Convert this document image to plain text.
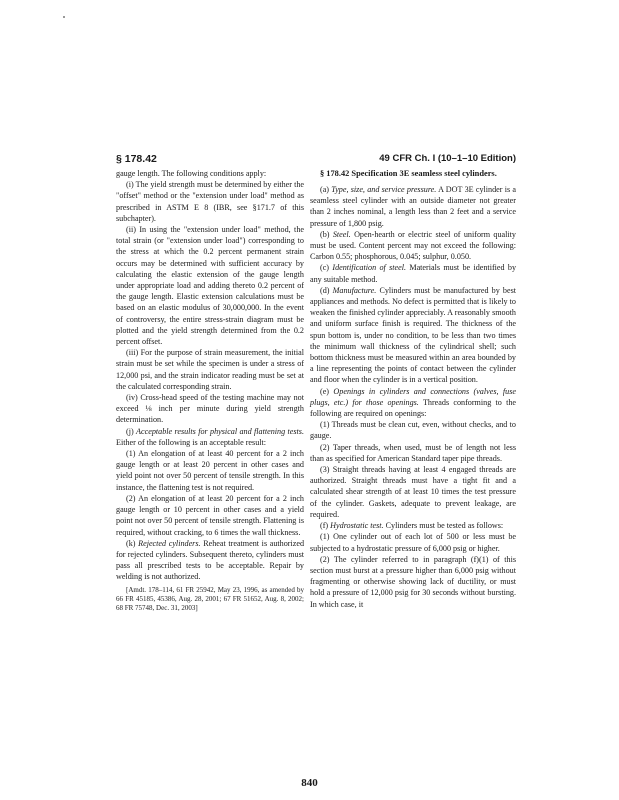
§ 178.42	49 CFR Ch. I (10–1–10 Edition)

gauge length. The following conditions apply:

(i) The yield strength must be determined by either the "offset" method or the "extension under load" method as prescribed in ASTM E 8 (IBR, see §171.7 of this subchapter).

(ii) In using the "extension under load" method, the total strain (or "extension under load") corresponding to the stress at which the 0.2 percent permanent strain occurs may be determined with sufficient accuracy by calculating the elastic extension of the gauge length under appropriate load and adding thereto 0.2 percent of the gauge length. Elastic extension calculations must be based on an elastic modulus of 30,000,000. In the event of controversy, the entire stress-strain diagram must be plotted and the yield strength determined from the 0.2 percent offset.

(iii) For the purpose of strain measurement, the initial strain must be set while the specimen is under a stress of 12,000 psi, and the strain indicator reading must be set at the calculated corresponding strain.

(iv) Cross-head speed of the testing machine may not exceed ⅛ inch per minute during yield strength determination.

(j) Acceptable results for physical and flattening tests. Either of the following is an acceptable result:

(1) An elongation of at least 40 percent for a 2 inch gauge length or at least 20 percent in other cases and yield point not over 50 percent of tensile strength. In this instance, the flattening test is not required.

(2) An elongation of at least 20 percent for a 2 inch gauge length or 10 percent in other cases and a yield point not over 50 percent of tensile strength. Flattening is required, without cracking, to 6 times the wall thickness.

(k) Rejected cylinders. Reheat treatment is authorized for rejected cylinders. Subsequent thereto, cylinders must pass all prescribed tests to be acceptable. Repair by welding is not authorized.

[Amdt. 178–114, 61 FR 25942, May 23, 1996, as amended by 66 FR 45185, 45386, Aug. 28, 2001; 67 FR 51652, Aug. 8, 2002; 68 FR 75748, Dec. 31, 2003]

§ 178.42 Specification 3E seamless steel cylinders.

(a) Type, size, and service pressure. A DOT 3E cylinder is a seamless steel cylinder with an outside diameter not greater than 2 inches nominal, a length less than 2 feet and a service pressure of 1,800 psig.

(b) Steel. Open-hearth or electric steel of uniform quality must be used. Content percent may not exceed the following: Carbon 0.55; phosphorous, 0.045; sulphur, 0.050.

(c) Identification of steel. Materials must be identified by any suitable method.

(d) Manufacture. Cylinders must be manufactured by best appliances and methods. No defect is permitted that is likely to weaken the finished cylinder appreciably. A reasonably smooth and uniform surface finish is required. The thickness of the spun bottom is, under no condition, to be less than two times the minimum wall thickness of the cylindrical shell; such bottom thickness must be measured within an area bounded by a line representing the points of contact between the cylinder and floor when the cylinder is in a vertical position.

(e) Openings in cylinders and connections (valves, fuse plugs, etc.) for those openings. Threads conforming to the following are required on openings:

(1) Threads must be clean cut, even, without checks, and to gauge.

(2) Taper threads, when used, must be of length not less than as specified for American Standard taper pipe threads.

(3) Straight threads having at least 4 engaged threads are authorized. Straight threads must have a tight fit and a calculated shear strength of at least 10 times the test pressure of the cylinder. Gaskets, adequate to prevent leakage, are required.

(f) Hydrostatic test. Cylinders must be tested as follows:

(1) One cylinder out of each lot of 500 or less must be subjected to a hydrostatic pressure of 6,000 psig or higher.

(2) The cylinder referred to in paragraph (f)(1) of this section must burst at a pressure higher than 6,000 psig without fragmenting or otherwise showing lack of ductility, or must hold a pressure of 12,000 psig for 30 seconds without bursting. In which case, it

840
